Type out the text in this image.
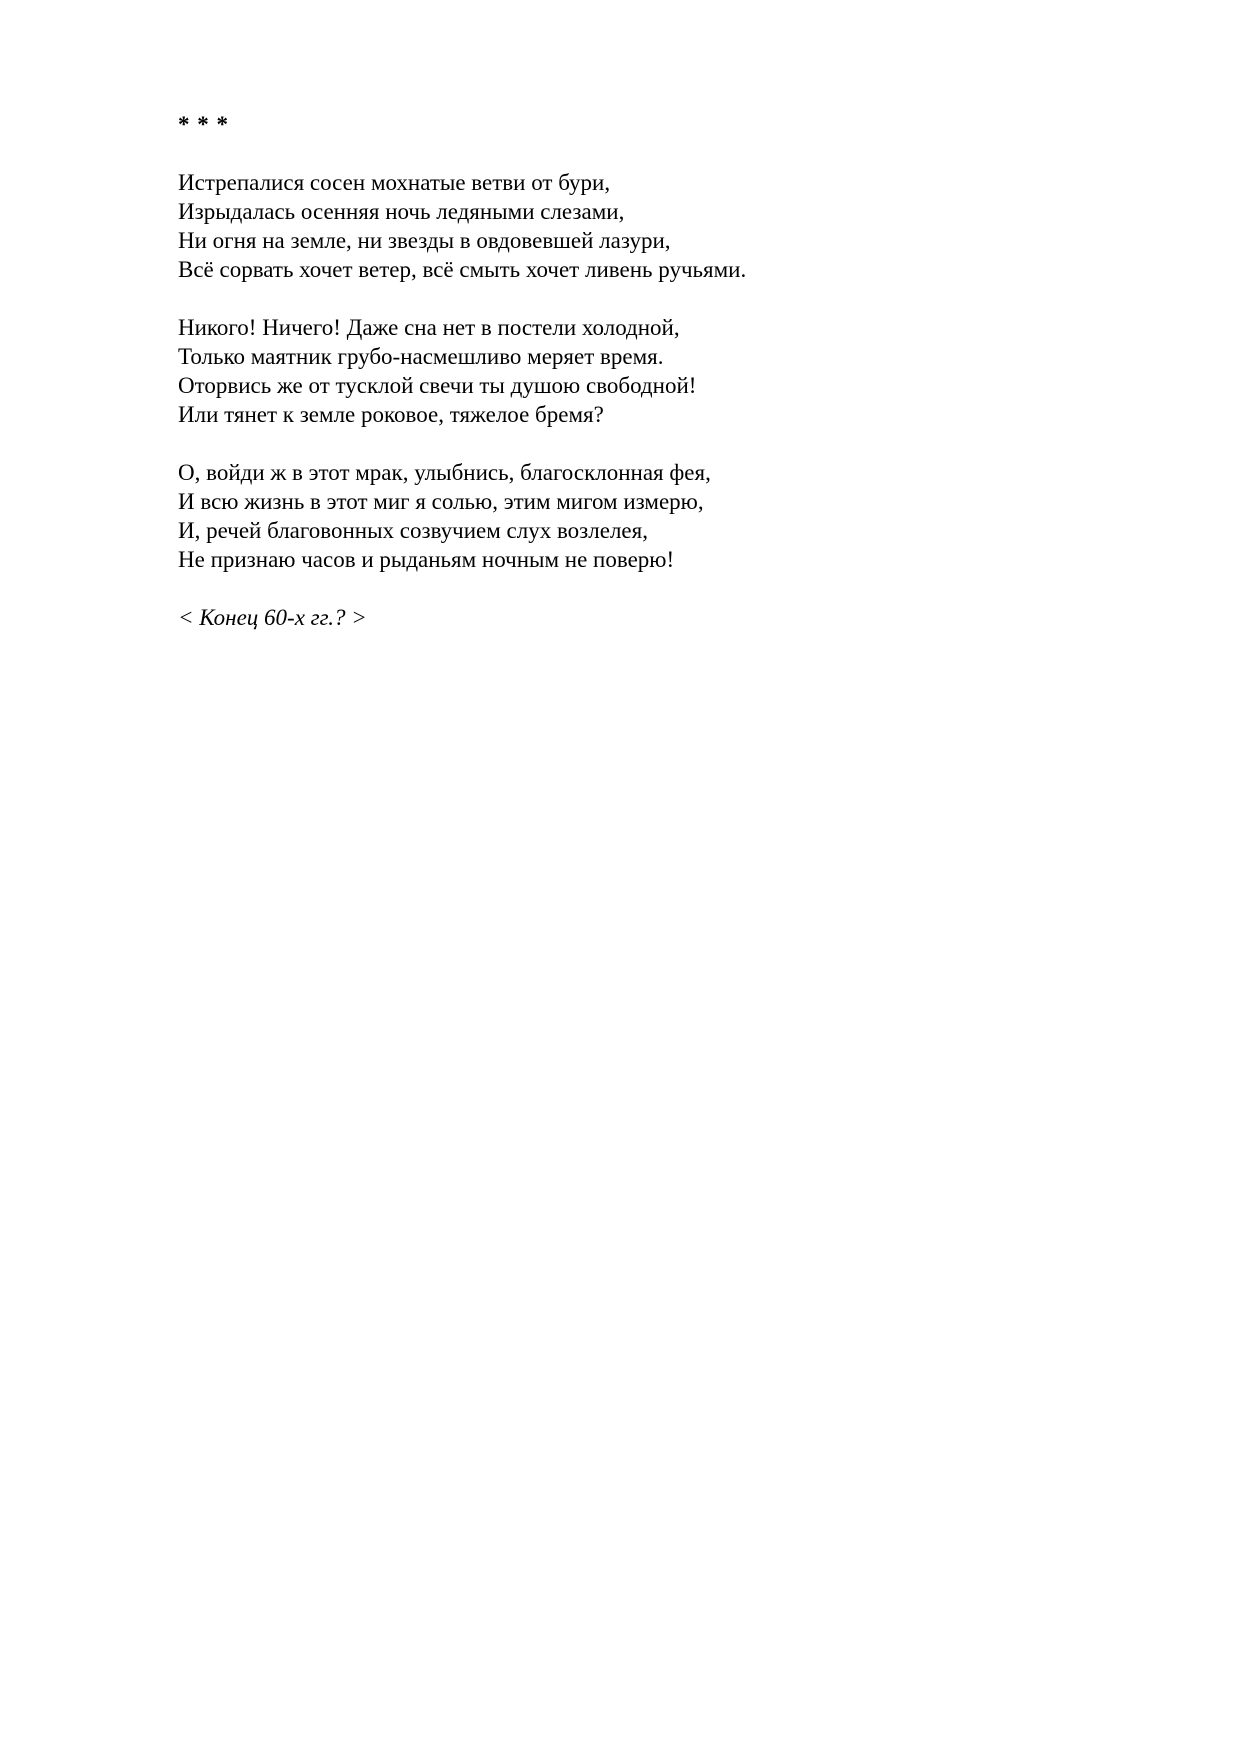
* * *
Истрепалися сосен мохнатые ветви от бури,
Изрыдалась осенняя ночь ледяными слезами,
Ни огня на земле, ни звезды в овдовевшей лазури,
Всё сорвать хочет ветер, всё смыть хочет ливень ручьями.
Никого! Ничего! Даже сна нет в постели холодной,
Только маятник грубо-насмешливо меряет время.
Оторвись же от тусклой свечи ты душою свободной!
Или тянет к земле роковое, тяжелое бремя?
О, войди ж в этот мрак, улыбнись, благосклонная фея,
И всю жизнь в этот миг я солью, этим мигом измерю,
И, речей благовонных созвучием слух возлелея,
Не признаю часов и рыданьям ночным не поверю!
< Конец 60-х гг.? >
